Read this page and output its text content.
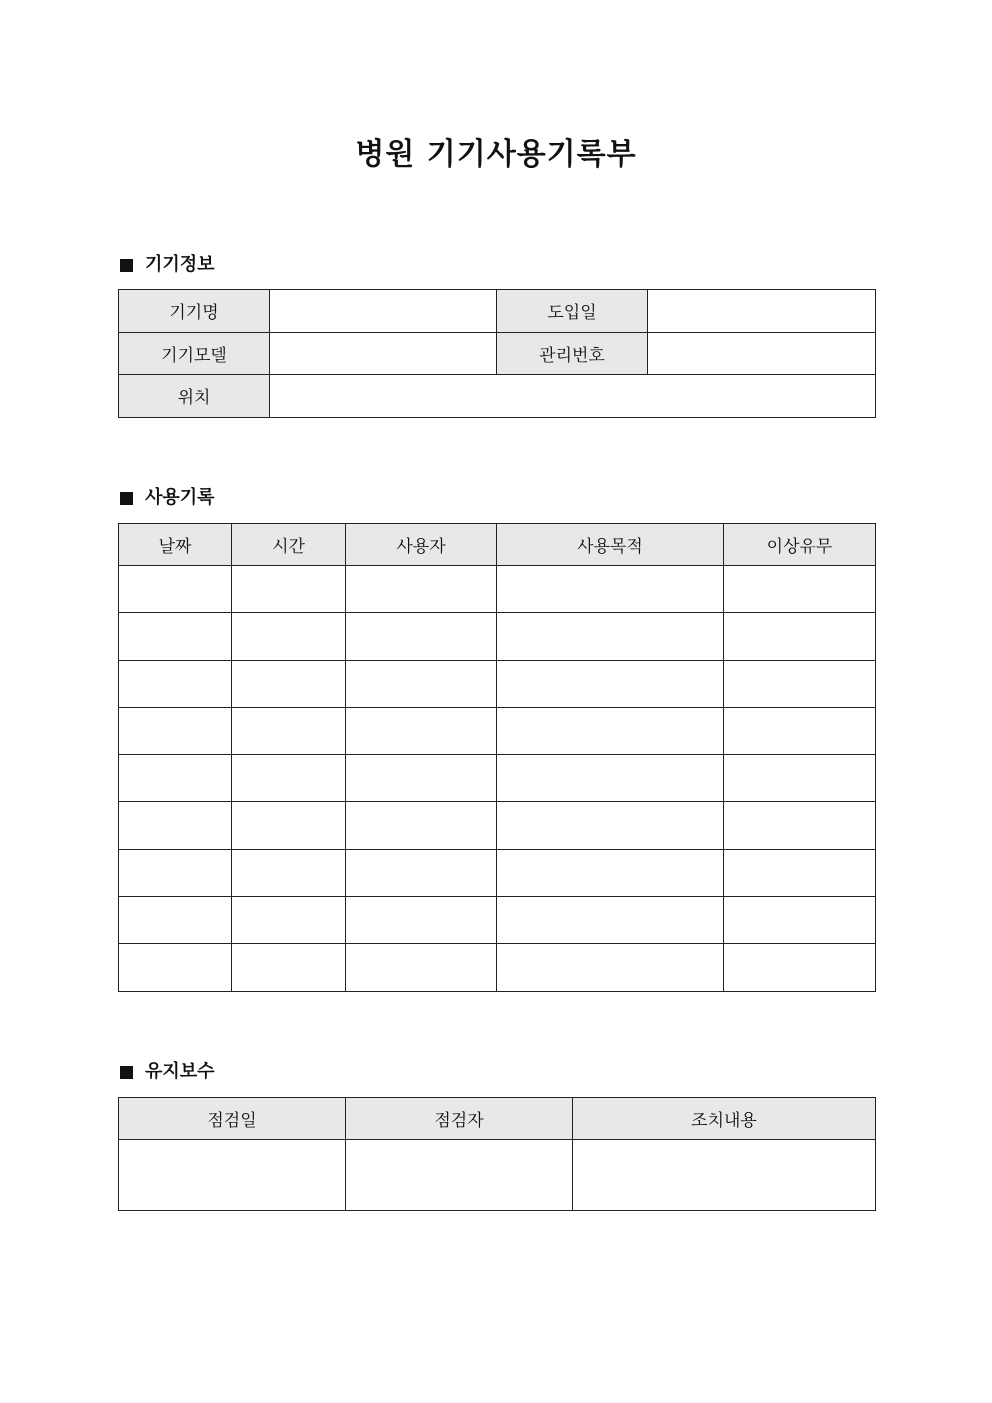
병원 기기사용기록부
기기정보
기기명		도입일	
기기모델		관리번호	
위치			
사용기록
날짜	시간	사용자	사용목적	이상유무

유지보수
점검일	점검자	조치내용
